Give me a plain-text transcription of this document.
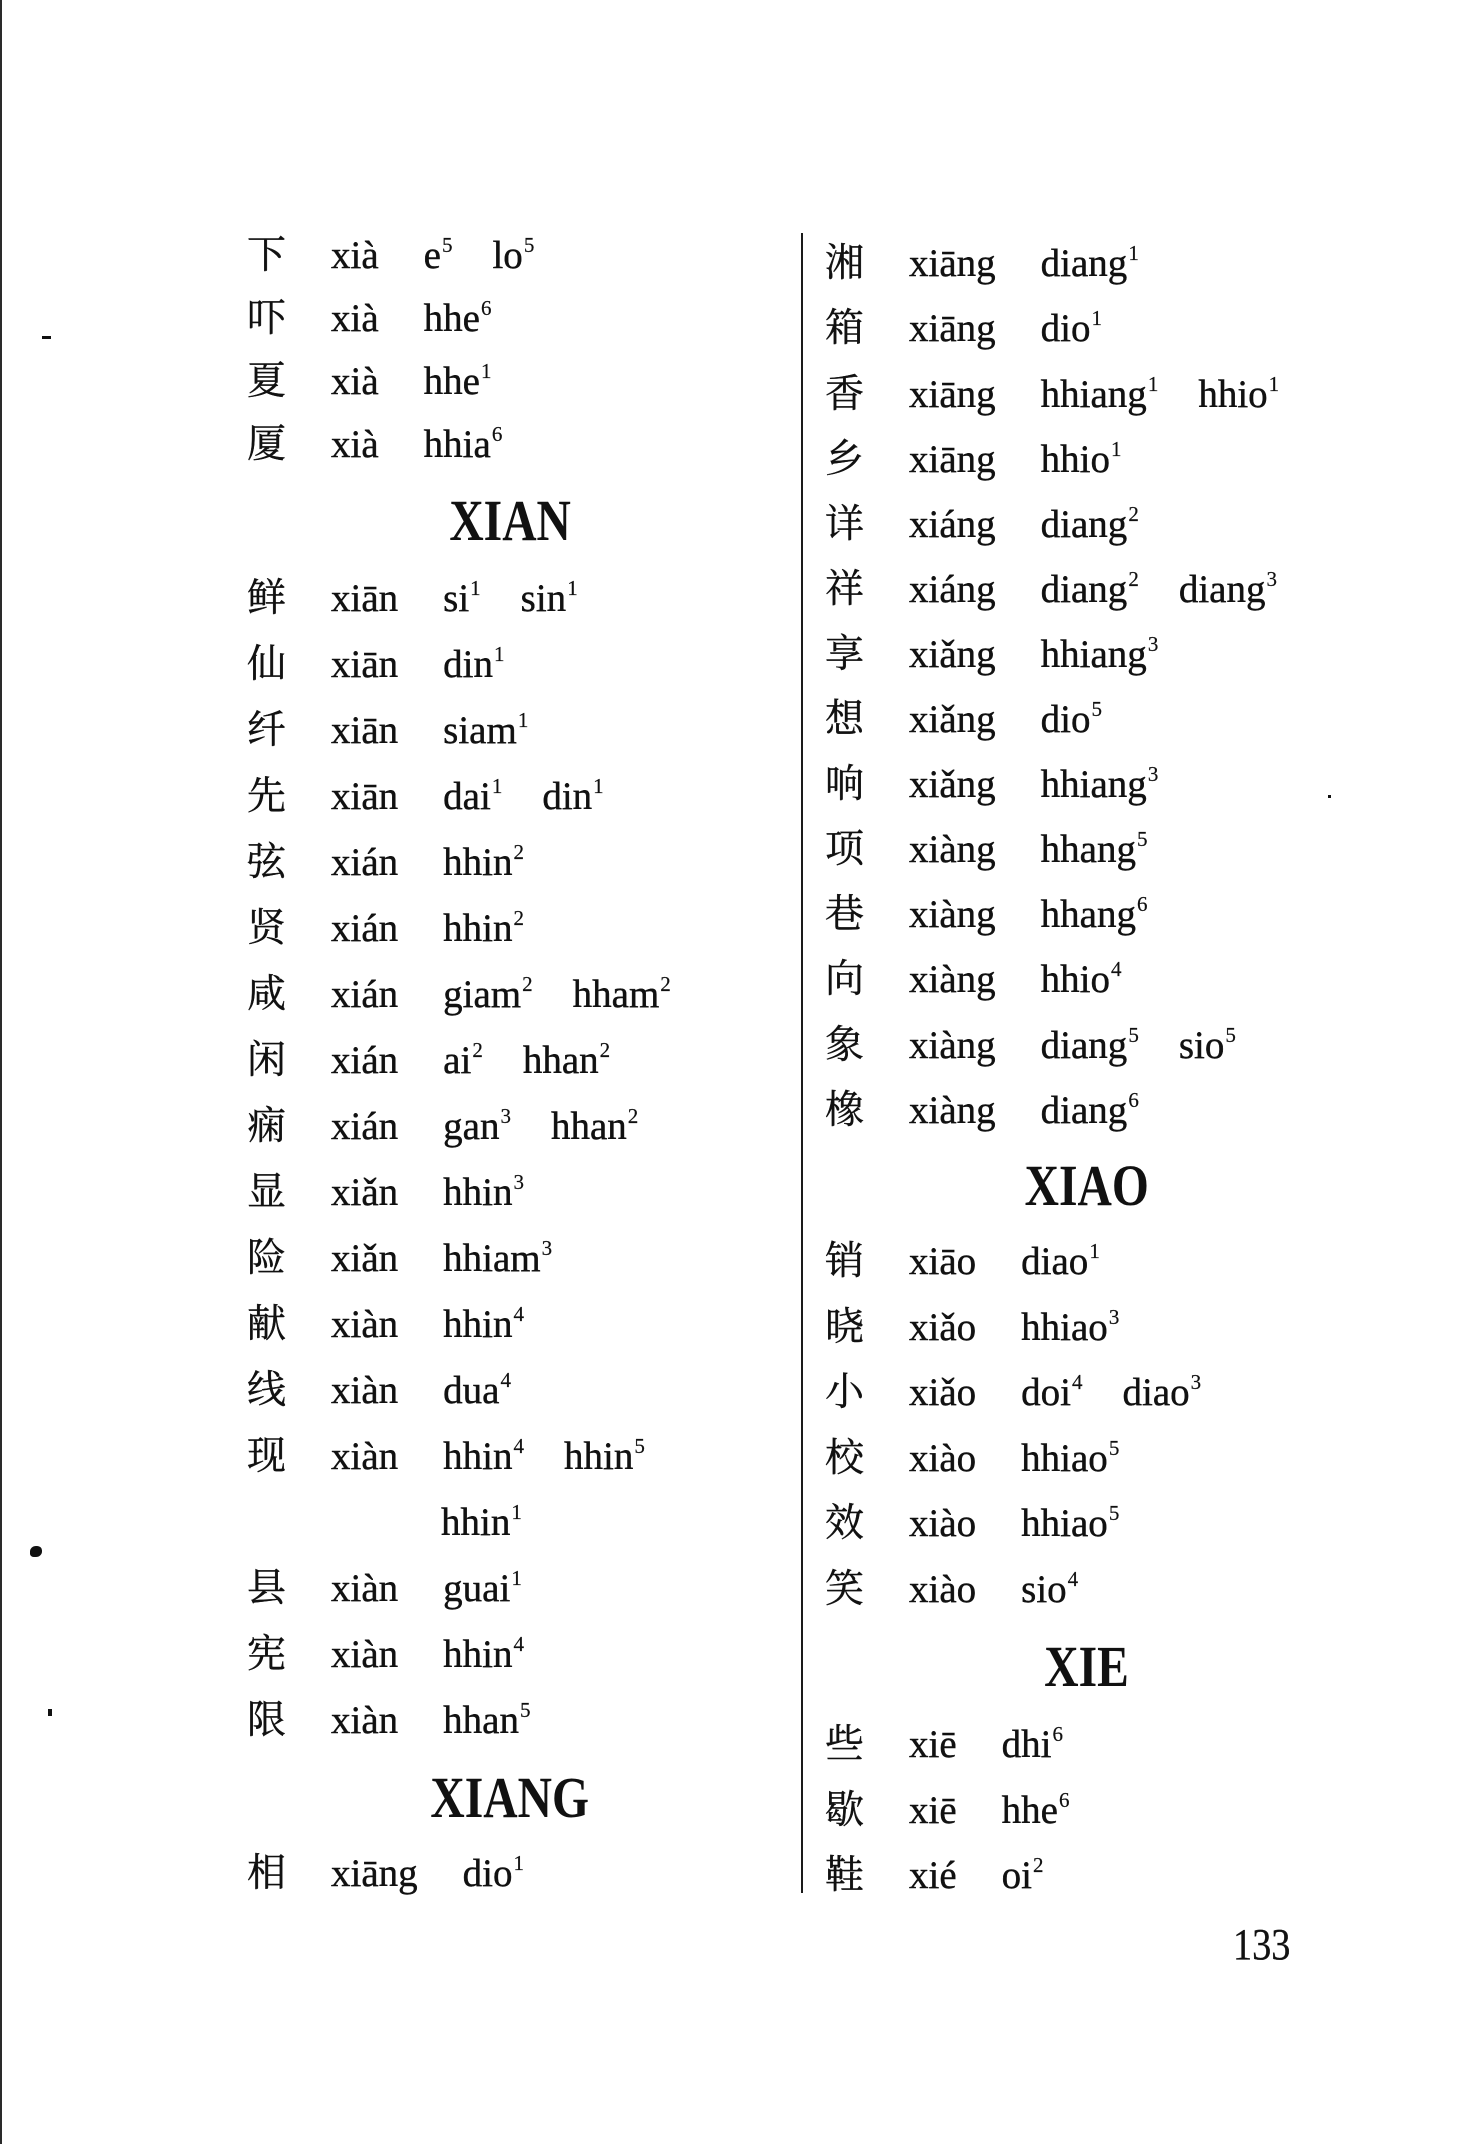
下 xià $e^5$ $lo^5$
吓 xià hhe$^6$
夏 xià hhe$^1$
厦 xià hhia$^6$
XIAN
鲜 xiān $si^1$ $\sin^1$
仙 xiān din$^1$
纤 xiān siam$^1$
先 xiān dai$^1$ din$^1$
弦 xián hhin$^2$
贤 xián hhin$^2$
咸 xián giam$^2$ hham$^2$
闲 xián $ai^2$ hhan$^2$
痫 xián gan$^3$ hhan$^2$
显 xiǎn hhin$^3$
险 xiǎn hhiam$^3$
献 xiàn hhin$^4$
线 xiàn dua$^4$
现 xiàn hhin$^4$ hhin$^5$
hhin$^1$
县 xiàn guai$^1$
宪 xiàn hhin$^4$
限 xiàn hhan$^5$
XIANG
相 xiāng dio$^1$
湘 xiāng diang$^1$
箱 xiāng dio$^1$
香 xiāng hhiang$^1$ hhio$^1$
乡 xiāng hhio$^1$
详 xiáng diang$^2$
祥 xiáng diang$^2$ diang$^3$
享 xiǎng hhiang$^3$
想 xiǎng dio$^5$
响 xiǎng hhiang$^3$
项 xiàng hhang$^5$
巷 xiàng hhang$^6$
向 xiàng hhio$^4$
象 xiàng diang$^5$ sio$^5$
橡 xiàng diang$^6$
XIAO
销 xiāo diao$^1$
晓 xiǎo hhiao$^3$
小 xiǎo doi$^4$ diao$^3$
校 xiào hhiao$^5$
效 xiào hhiao$^5$
笑 xiào sio$^4$
XIE
些 xiē dhi$^6$
歇 xiē hhe$^6$
鞋 xié $oi^2$
133
